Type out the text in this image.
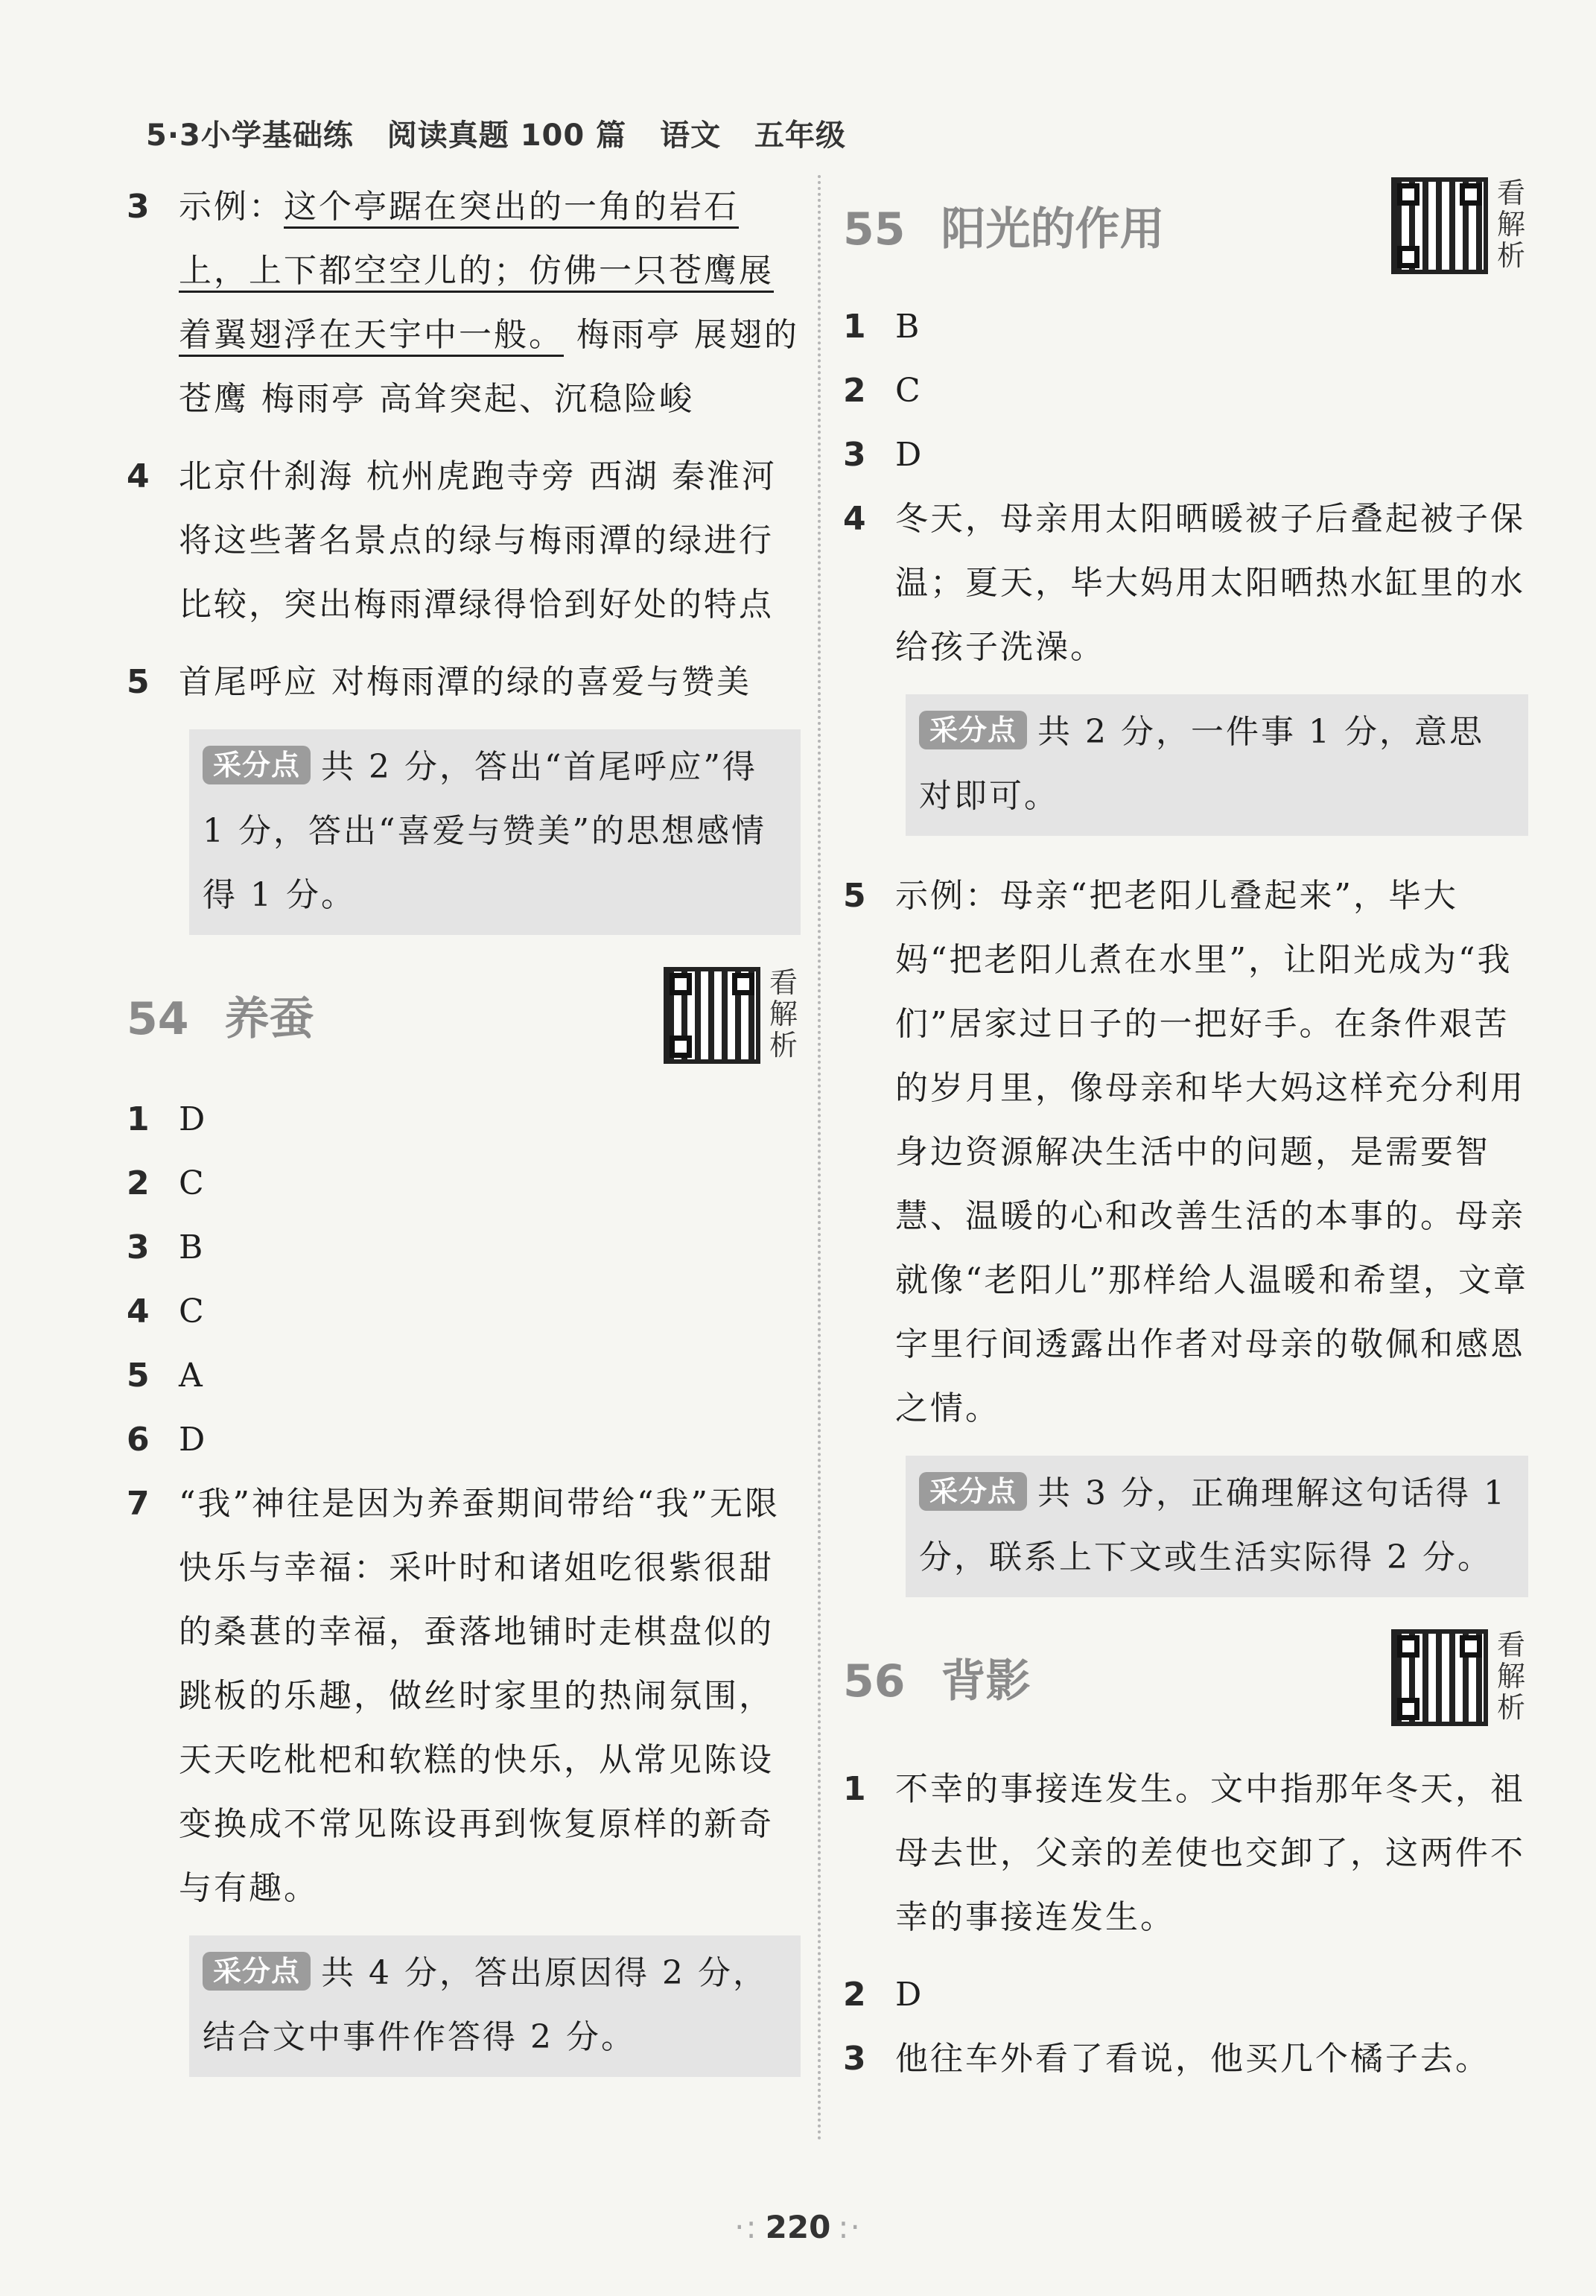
5·3小学基础练 阅读真题 100 篇 语文 五年级
3 示例：这个亭踞在突出的一角的岩石上，上下都空空儿的；仿佛一只苍鹰展着翼翅浮在天宇中一般。 梅雨亭 展翅的苍鹰 梅雨亭 高耸突起、沉稳险峻
4 北京什刹海 杭州虎跑寺旁 西湖 秦淮河 将这些著名景点的绿与梅雨潭的绿进行比较，突出梅雨潭绿得恰到好处的特点
5 首尾呼应 对梅雨潭的绿的喜爱与赞美
采分点 共 2 分，答出“首尾呼应”得 1 分，答出“喜爱与赞美”的思想感情得 1 分。
54 养蚕
看解析
1 D
2 C
3 B
4 C
5 A
6 D
7 “我”神往是因为养蚕期间带给“我”无限快乐与幸福：采叶时和诸姐吃很紫很甜的桑葚的幸福，蚕落地铺时走棋盘似的跳板的乐趣，做丝时家里的热闹氛围，天天吃枇杷和软糕的快乐，从常见陈设变换成不常见陈设再到恢复原样的新奇与有趣。
采分点 共 4 分，答出原因得 2 分，结合文中事件作答得 2 分。
55 阳光的作用
看解析
1 B
2 C
3 D
4 冬天，母亲用太阳晒暖被子后叠起被子保温；夏天，毕大妈用太阳晒热水缸里的水给孩子洗澡。
采分点 共 2 分，一件事 1 分，意思对即可。
5 示例：母亲“把老阳儿叠起来”，毕大妈“把老阳儿煮在水里”，让阳光成为“我们”居家过日子的一把好手。在条件艰苦的岁月里，像母亲和毕大妈这样充分利用身边资源解决生活中的问题，是需要智慧、温暖的心和改善生活的本事的。母亲就像“老阳儿”那样给人温暖和希望，文章字里行间透露出作者对母亲的敬佩和感恩之情。
采分点 共 3 分，正确理解这句话得 1 分，联系上下文或生活实际得 2 分。
56 背影
看解析
1 不幸的事接连发生。文中指那年冬天，祖母去世，父亲的差使也交卸了，这两件不幸的事接连发生。
2 D
3 他往车外看了看说，他买几个橘子去。
·: 220 :·
